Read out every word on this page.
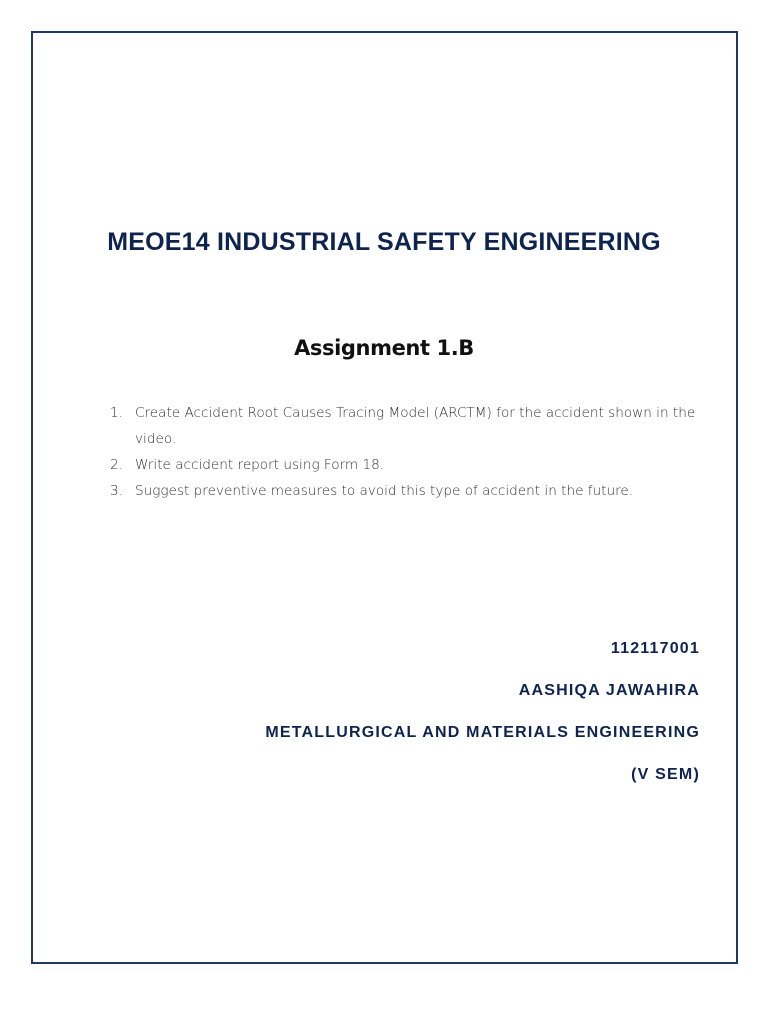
MEOE14 INDUSTRIAL SAFETY ENGINEERING
Assignment 1.B
1. Create Accident Root Causes Tracing Model (ARCTM) for the accident shown in the video.
2. Write accident report using Form 18.
3. Suggest preventive measures to avoid this type of accident in the future.
112117001
AASHIQA JAWAHIRA
METALLURGICAL AND MATERIALS ENGINEERING
(V SEM)
